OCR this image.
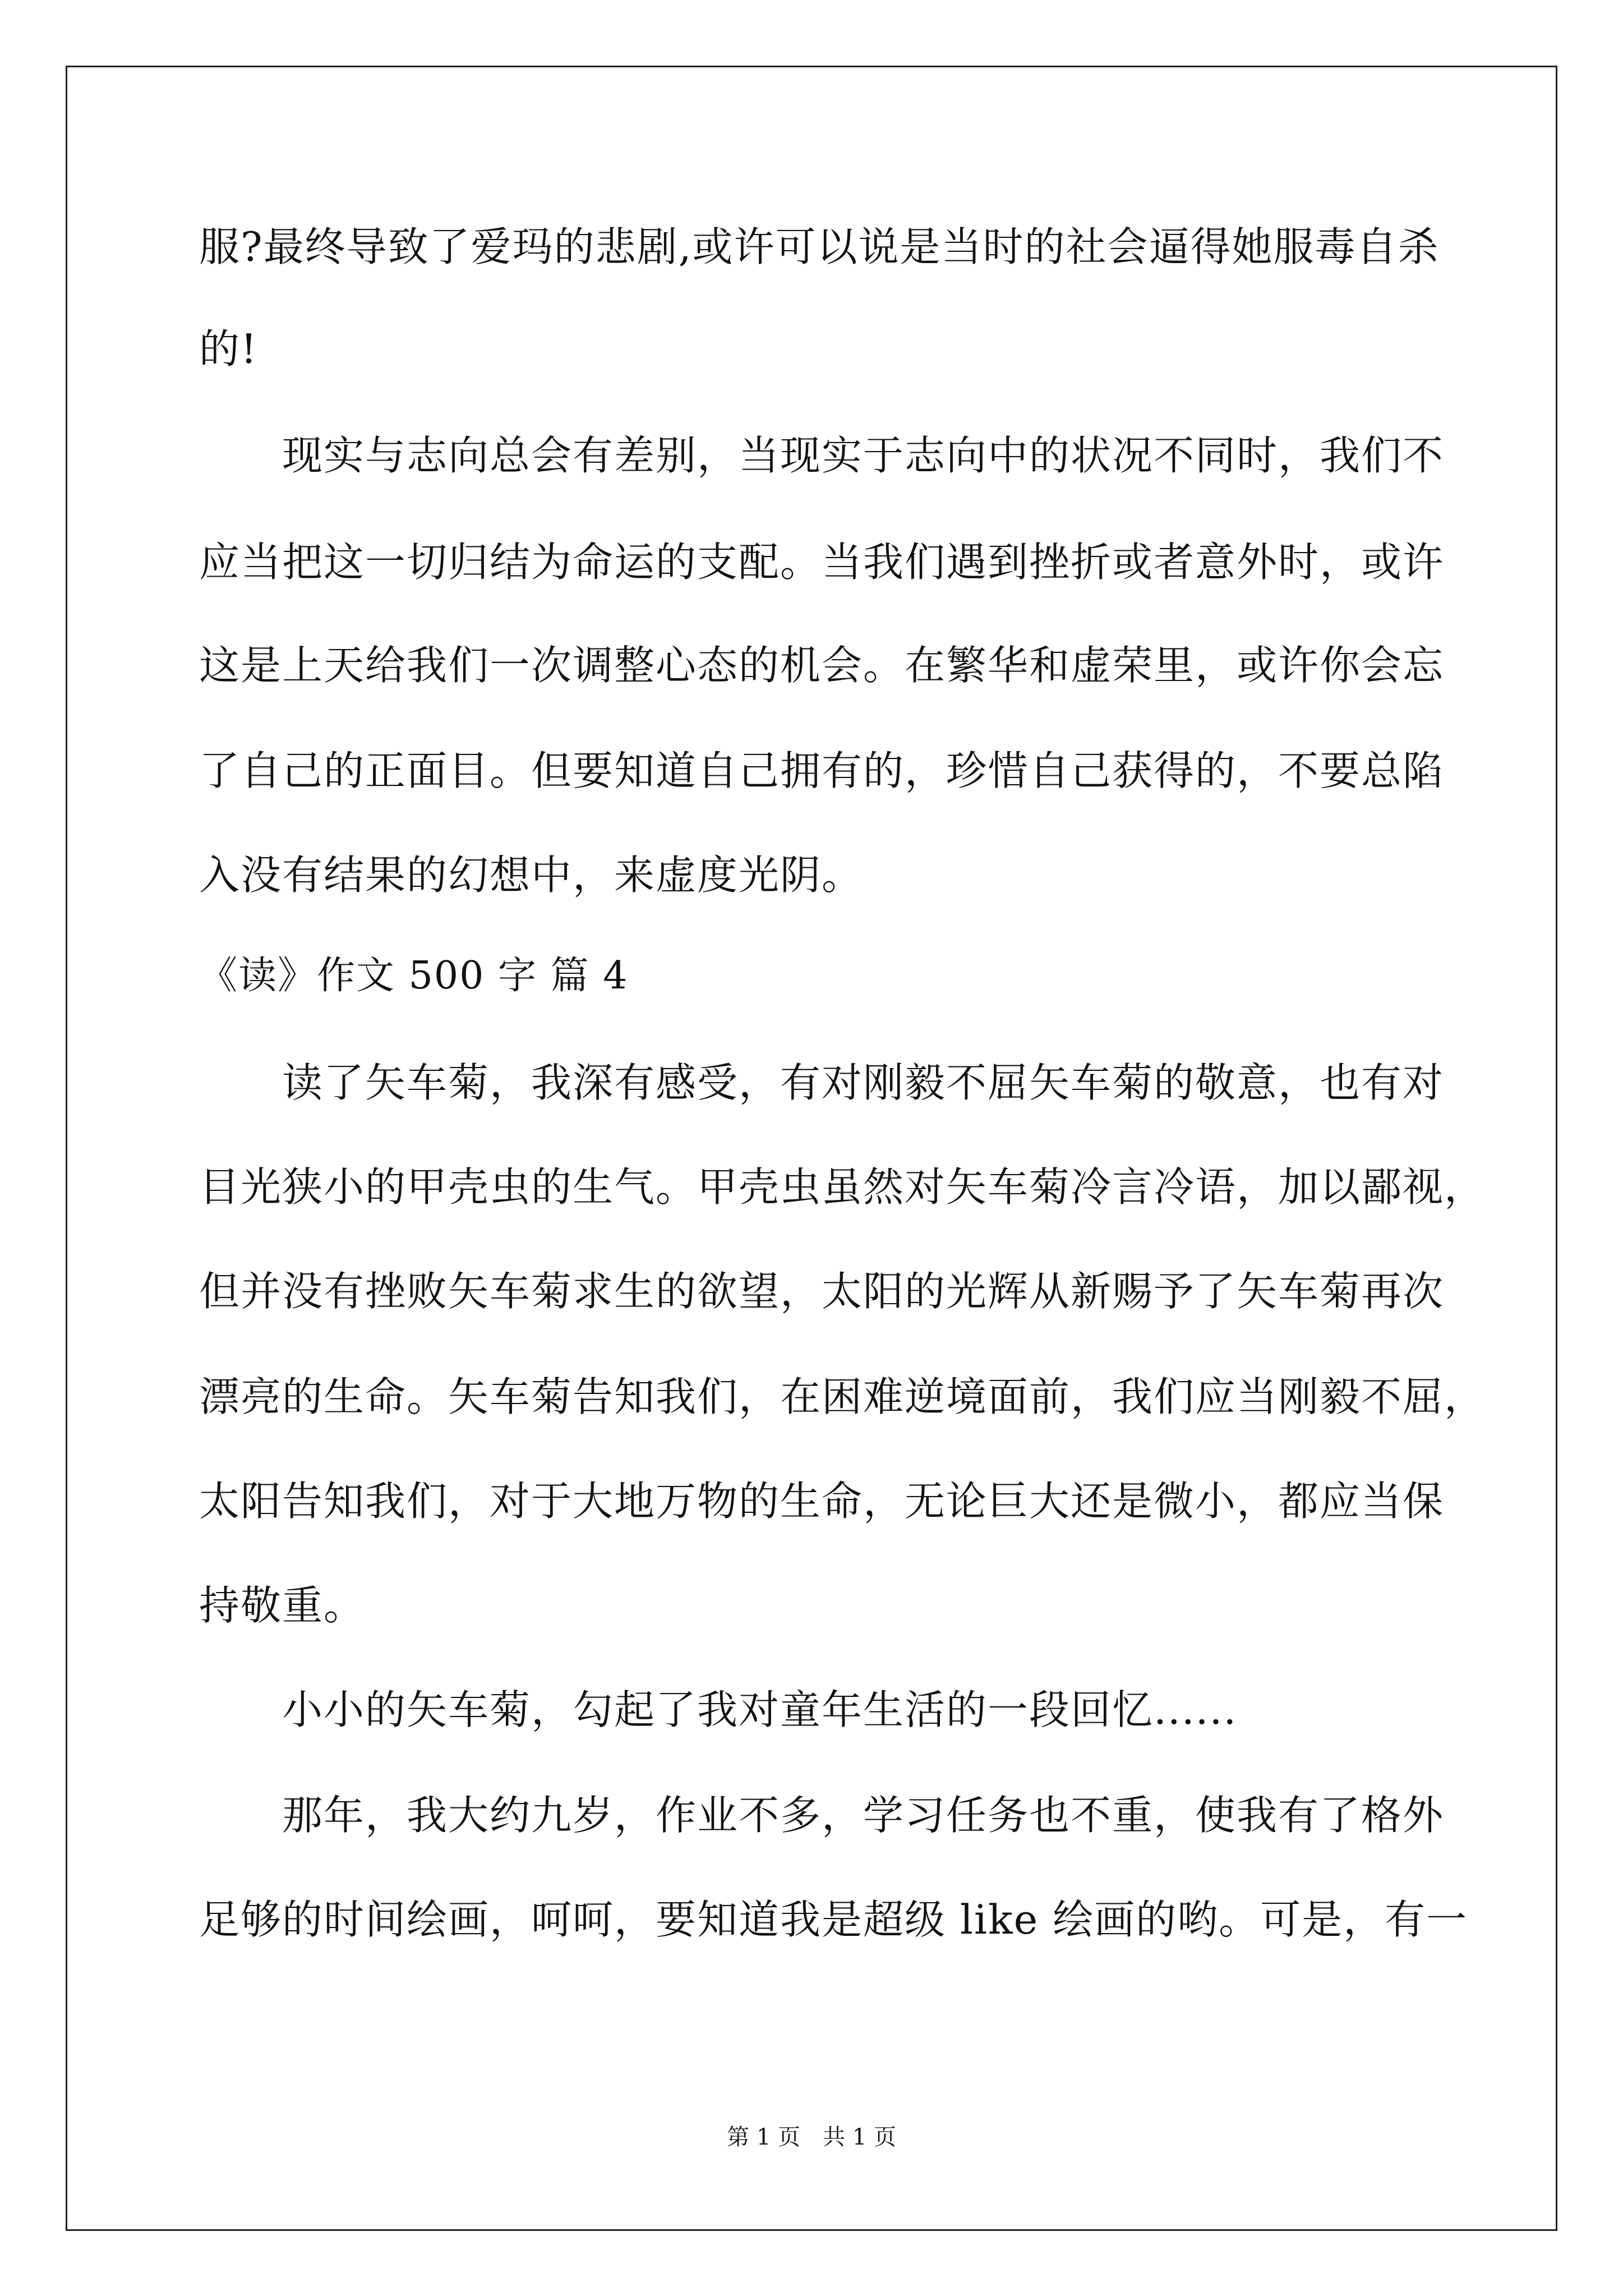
服?最终导致了爱玛的悲剧,或许可以说是当时的社会逼得她服毒自杀
的!
现实与志向总会有差别，当现实于志向中的状况不同时，我们不
应当把这一切归结为命运的支配。当我们遇到挫折或者意外时，或许
这是上天给我们一次调整心态的机会。在繁华和虚荣里，或许你会忘
了自己的正面目。但要知道自己拥有的，珍惜自己获得的，不要总陷
入没有结果的幻想中，来虚度光阴。
《读》作文 500 字 篇 4
读了矢车菊，我深有感受，有对刚毅不屈矢车菊的敬意，也有对
目光狭小的甲壳虫的生气。甲壳虫虽然对矢车菊冷言冷语，加以鄙视，
但并没有挫败矢车菊求生的欲望，太阳的光辉从新赐予了矢车菊再次
漂亮的生命。矢车菊告知我们，在困难逆境面前，我们应当刚毅不屈，
太阳告知我们，对于大地万物的生命，无论巨大还是微小，都应当保
持敬重。
小小的矢车菊，勾起了我对童年生活的一段回忆......
那年，我大约九岁，作业不多，学习任务也不重，使我有了格外
足够的时间绘画，呵呵，要知道我是超级 like 绘画的哟。可是，有一
第 1 页 共 1 页
